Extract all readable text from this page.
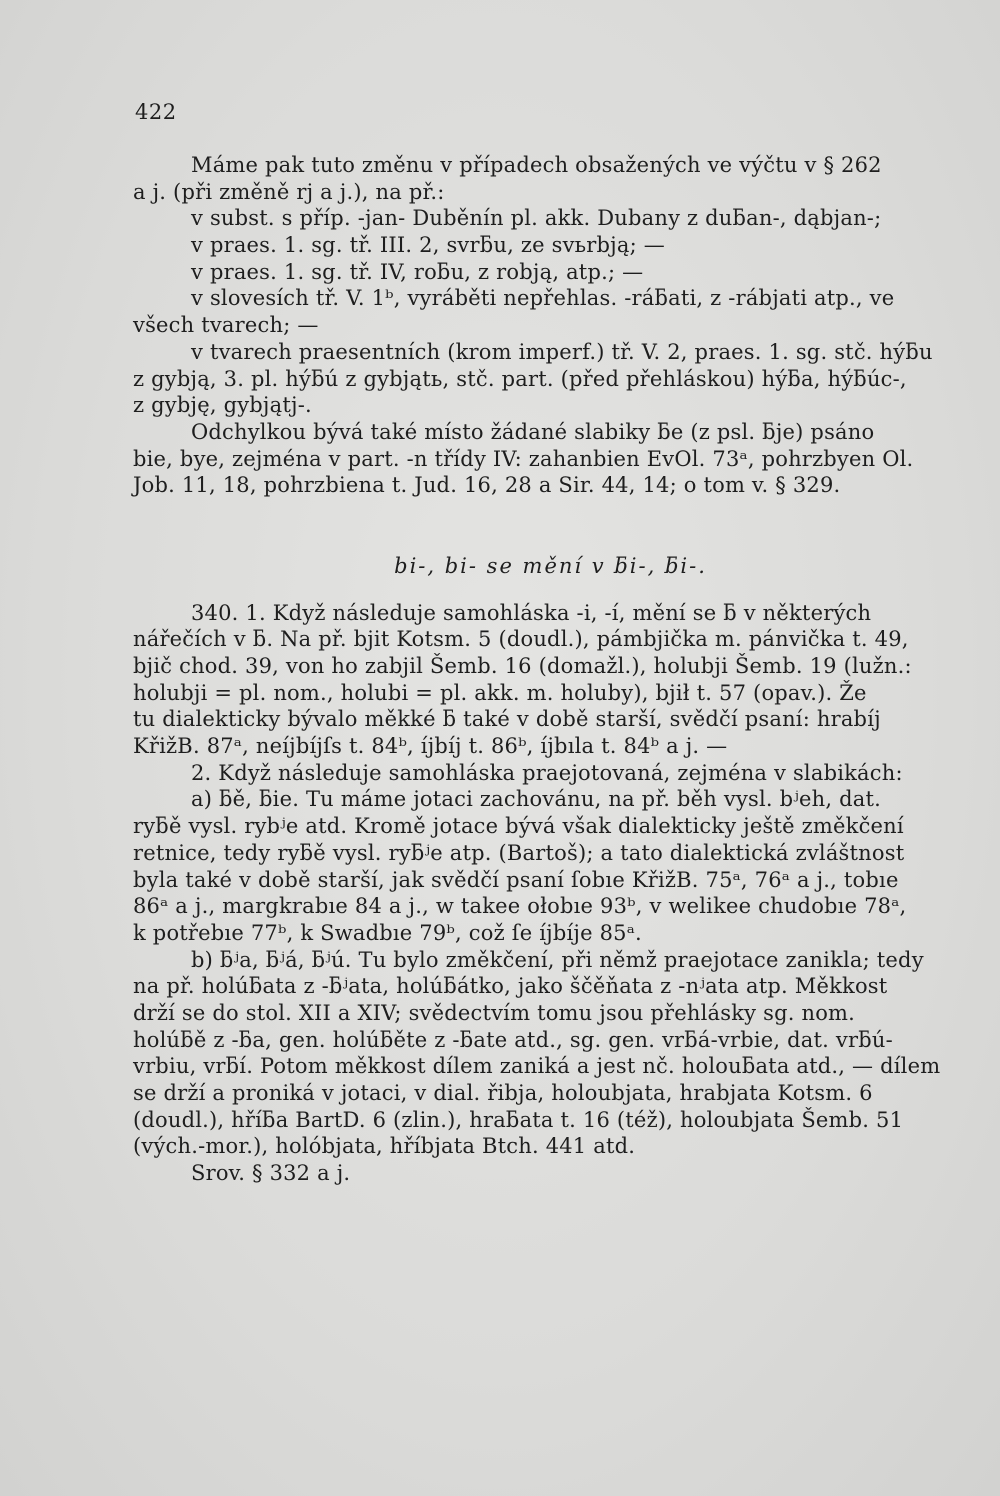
422
Máme pak tuto změnu v případech obsažených ve výčtu v § 262
a j. (při změně rj a j.), na př.:
v subst. s příp. -jan- Duběnín pl. akk. Dubany z duƃan-, dąbjan-;
v praes. 1. sg. tř. III. 2, svrƃu, ze svьrbją; —
v praes. 1. sg. tř. IV, roƃu, z robją, atp.; —
v slovesích tř. V. 1ᵇ, vyráběti nepřehlas. -ráƃati, z -rábjati atp., ve
všech tvarech; —
v tvarech praesentních (krom imperf.) tř. V. 2, praes. 1. sg. stč. hýƃu
z gybją, 3. pl. hýƃú z gybjątь, stč. part. (před přehláskou) hýƃa, hýƃúc-,
z gybję, gybjątj-.
Odchylkou bývá také místo žádané slabiky ƃe (z psl. ƃje) psáno
bie, bye, zejména v part. -n třídy IV: zahanbien EvOl. 73ᵃ, pohrzbyen Ol.
Job. 11, 18, pohrzbiena t. Jud. 16, 28 a Sir. 44, 14; o tom v. § 329.
bi-, bi- se mění v ƃi-, ƃi-.
340. 1. Když následuje samohláska -i, -í, mění se ƃ v některých
nářečích v ƃ. Na př. bjit Kotsm. 5 (doudl.), pámbjička m. pánvička t. 49,
bjič chod. 39, von ho zabjil Šemb. 16 (domažl.), holubji Šemb. 19 (lužn.:
holubji = pl. nom., holubi = pl. akk. m. holuby), bjił t. 57 (opav.). Že
tu dialekticky bývalo měkké ƃ také v době starší, svědčí psaní: hrabíj
KřižB. 87ᵃ, neíjbíjſs t. 84ᵇ, íjbíj t. 86ᵇ, íjbıla t. 84ᵇ a j. —
2. Když následuje samohláska praejotovaná, zejména v slabikách:
a) ƃě, ƃie. Tu máme jotaci zachovánu, na př. běh vysl. bʲeh, dat.
ryƃě vysl. rybʲe atd. Kromě jotace bývá však dialekticky ještě změkčení
retnice, tedy ryƃě vysl. ryƃʲe atp. (Bartoš); a tato dialektická zvláštnost
byla také v době starší, jak svědčí psaní ſobıe KřižB. 75ᵃ, 76ᵃ a j., tobıe
86ᵃ a j., margkrabıe 84 a j., w takee ołobıe 93ᵇ, v welikee chudobıe 78ᵃ,
k potřebıe 77ᵇ, k Swadbıe 79ᵇ, což ſe íjbíje 85ᵃ.
b) ƃʲa, ƃʲá, ƃʲú. Tu bylo změkčení, při němž praejotace zanikla; tedy
na př. holúƃata z -ƃʲata, holúƃátko, jako ščěňata z -nʲata atp. Měkkost
drží se do stol. XII a XIV; svědectvím tomu jsou přehlásky sg. nom.
holúƃě z -ƃa, gen. holúƃěte z -ƃate atd., sg. gen. vrƃá-vrbie, dat. vrƃú-
vrbiu, vrƃí. Potom měkkost dílem zaniká a jest nč. holouƃata atd., — dílem
se drží a proniká v jotaci, v dial. řibja, holoubjata, hrabjata Kotsm. 6
(doudl.), hříƃa BartD. 6 (zlin.), hraƃata t. 16 (též), holoubjata Šemb. 51
(vých.-mor.), holóbjata, hříbjata Btch. 441 atd.
Srov. § 332 a j.
